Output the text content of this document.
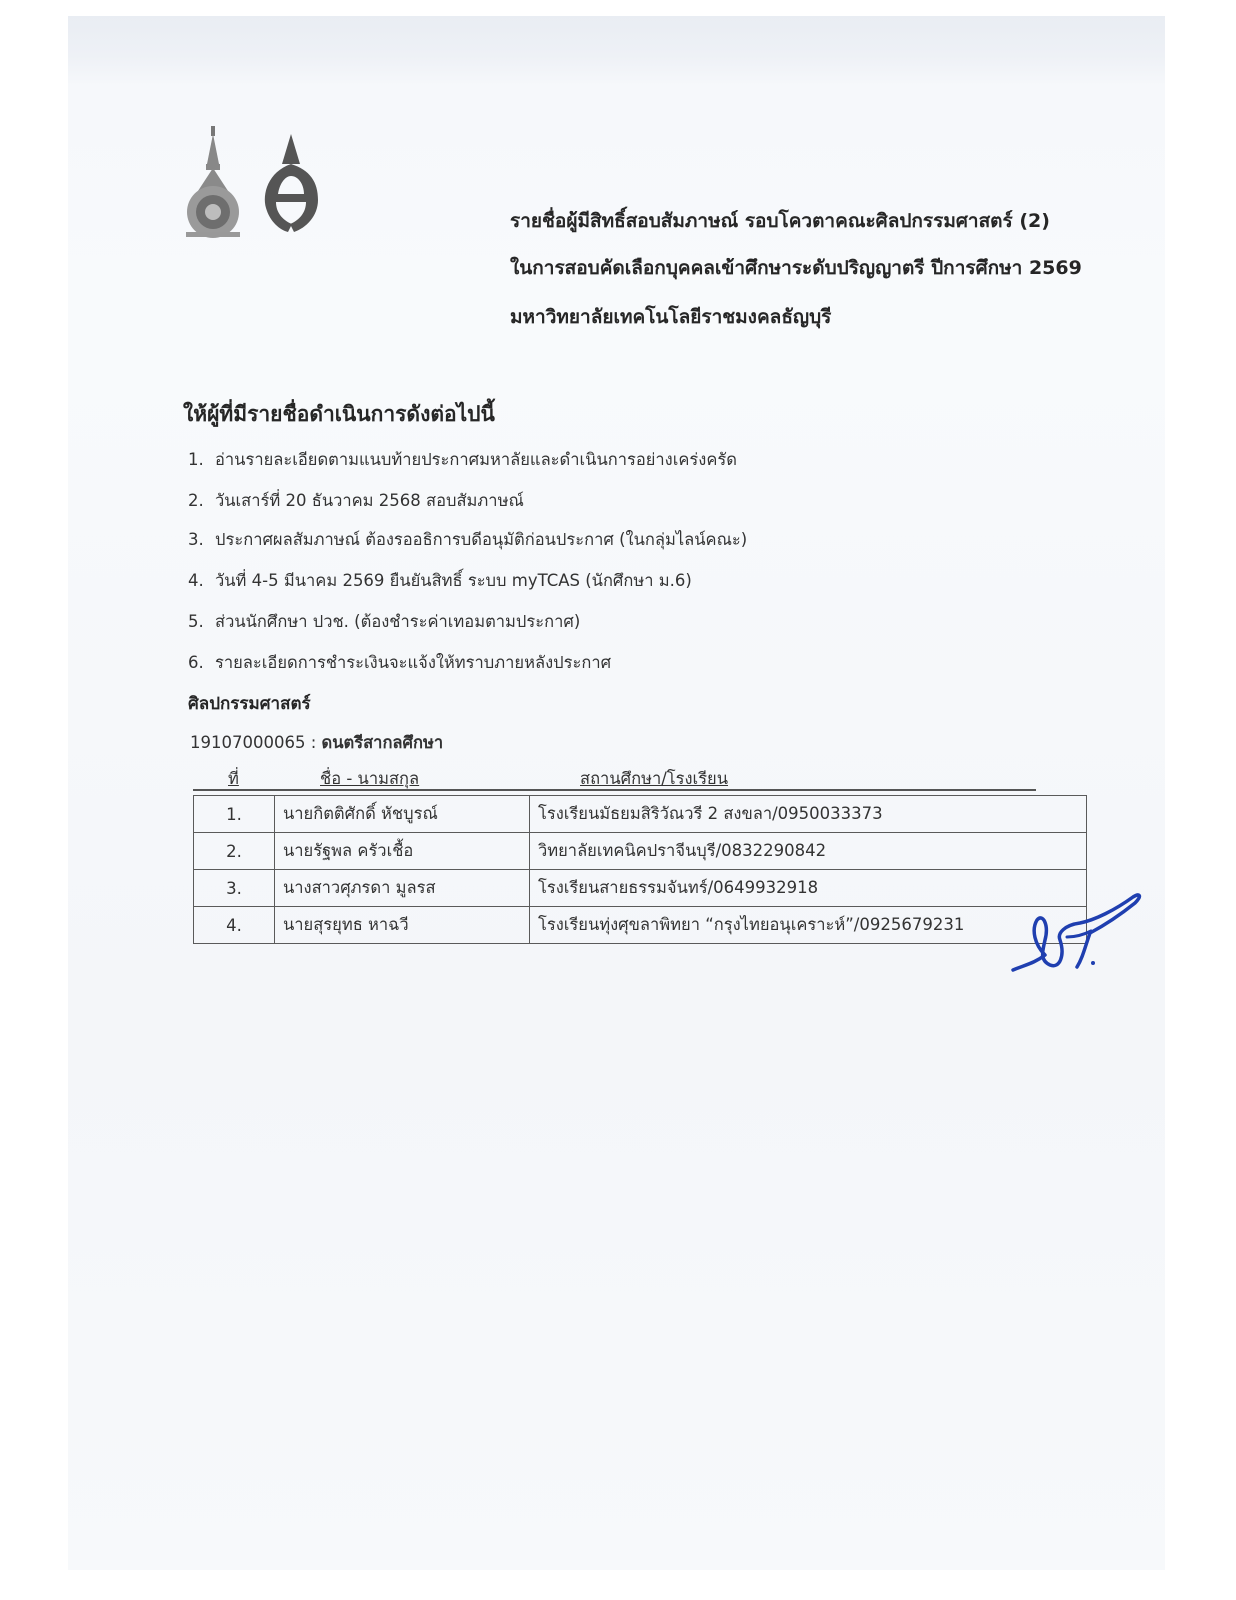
รายชื่อผู้มีสิทธิ์สอบสัมภาษณ์ รอบโควตาคณะศิลปกรรมศาสตร์ (2)
ในการสอบคัดเลือกบุคคลเข้าศึกษาระดับปริญญาตรี ปีการศึกษา 2569
มหาวิทยาลัยเทคโนโลยีราชมงคลธัญบุรี
ให้ผู้ที่มีรายชื่อดำเนินการดังต่อไปนี้
1. อ่านรายละเอียดตามแนบท้ายประกาศมหาลัยและดำเนินการอย่างเคร่งครัด
2. วันเสาร์ที่ 20 ธันวาคม 2568 สอบสัมภาษณ์
3. ประกาศผลสัมภาษณ์ ต้องรออธิการบดีอนุมัติก่อนประกาศ (ในกลุ่มไลน์คณะ)
4. วันที่ 4-5 มีนาคม 2569 ยืนยันสิทธิ์ ระบบ myTCAS (นักศึกษา ม.6)
5. ส่วนนักศึกษา ปวช. (ต้องชำระค่าเทอมตามประกาศ)
6. รายละเอียดการชำระเงินจะแจ้งให้ทราบภายหลังประกาศ
ศิลปกรรมศาสตร์
19107000065 : ดนตรีสากลศึกษา
ที่	ชื่อ - นามสกุล	สถานศึกษา/โรงเรียน
1.	นายกิตติศักดิ์ หัชบูรณ์	โรงเรียนมัธยมสิริวัณวรี 2 สงขลา/0950033373
2.	นายรัฐพล ครัวเชื้อ	วิทยาลัยเทคนิคปราจีนบุรี/0832290842
3.	นางสาวศุภรดา มูลรส	โรงเรียนสายธรรมจันทร์/0649932918
4.	นายสุรยุทธ หาฉวี	โรงเรียนทุ่งศุขลาพิทยา “กรุงไทยอนุเคราะห์”/0925679231
